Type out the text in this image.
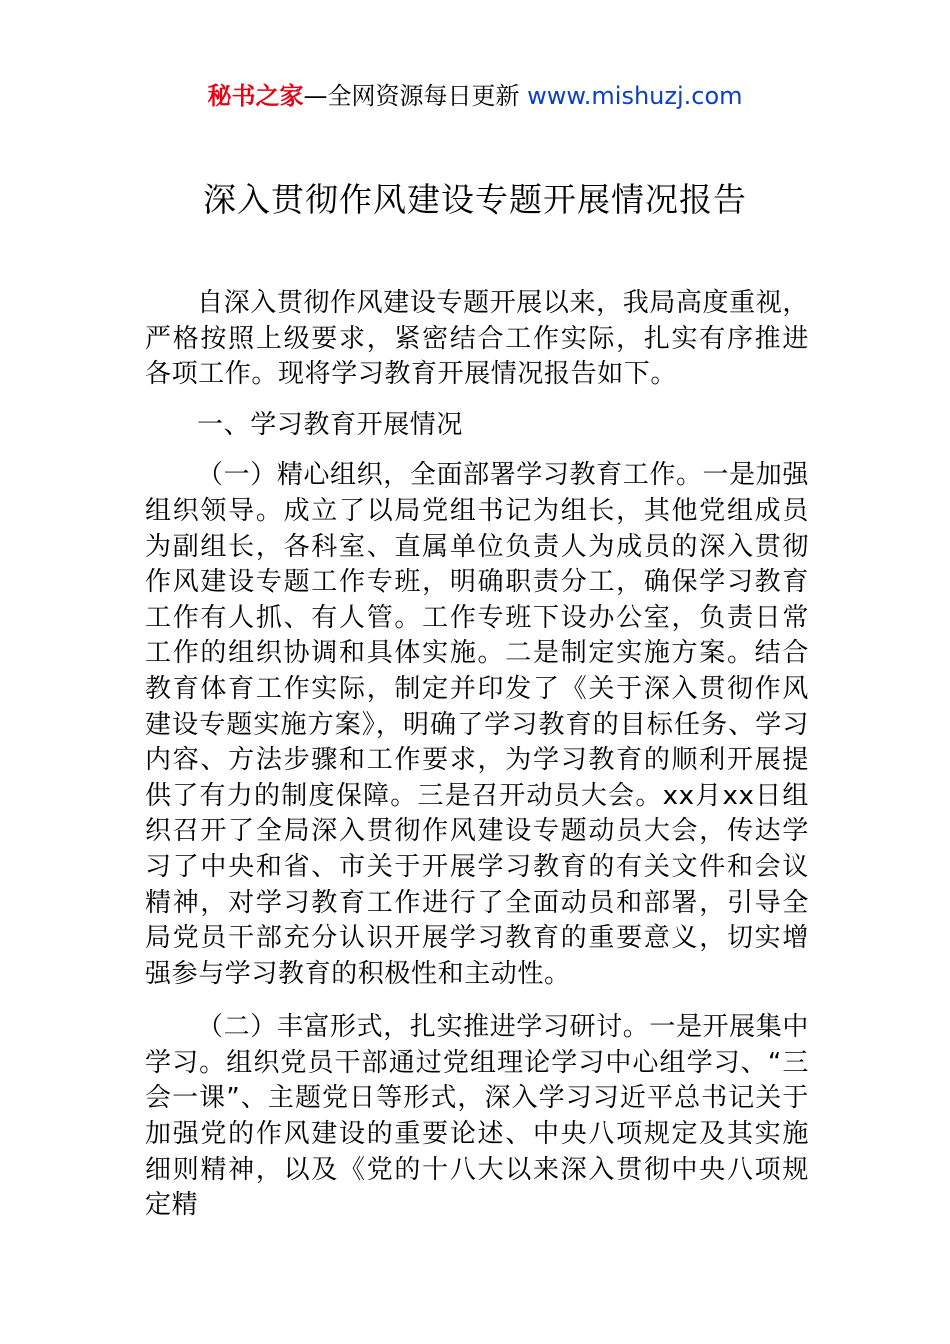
秘书之家—全网资源每日更新 www.mishuzj.com
深入贯彻作风建设专题开展情况报告

自深入贯彻作风建设专题开展以来，我局高度重视，严格按照上级要求，紧密结合工作实际，扎实有序推进各项工作。现将学习教育开展情况报告如下。

一、学习教育开展情况

（一）精心组织，全面部署学习教育工作。一是加强组织领导。成立了以局党组书记为组长，其他党组成员为副组长，各科室、直属单位负责人为成员的深入贯彻作风建设专题工作专班，明确职责分工，确保学习教育工作有人抓、有人管。工作专班下设办公室，负责日常工作的组织协调和具体实施。二是制定实施方案。结合教育体育工作实际，制定并印发了《关于深入贯彻作风建设专题实施方案》，明确了学习教育的目标任务、学习内容、方法步骤和工作要求，为学习教育的顺利开展提供了有力的制度保障。三是召开动员大会。xx月xx日组织召开了全局深入贯彻作风建设专题动员大会，传达学习了中央和省、市关于开展学习教育的有关文件和会议精神，对学习教育工作进行了全面动员和部署，引导全局党员干部充分认识开展学习教育的重要意义，切实增强参与学习教育的积极性和主动性。

（二）丰富形式，扎实推进学习研讨。一是开展集中学习。组织党员干部通过党组理论学习中心组学习、“三会一课”、主题党日等形式，深入学习习近平总书记关于加强党的作风建设的重要论述、中央八项规定及其实施细则精神，以及《党的十八大以来深入贯彻中央八项规定精
